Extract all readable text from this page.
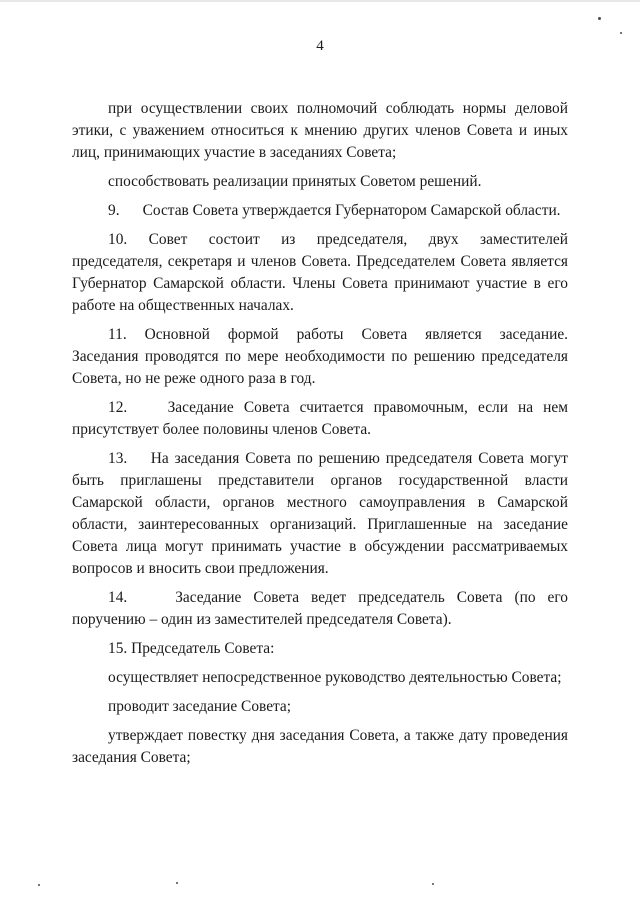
4
при осуществлении своих полномочий соблюдать нормы деловой
этики, с уважением относиться к мнению других членов Совета и иных
лиц, принимающих участие в заседаниях Совета;
способствовать реализации принятых Советом решений.
9.      Состав Совета утверждается Губернатором Самарской области.
10.    Совет    состоит    из    председателя,    двух    заместителей
председателя, секретаря и членов Совета. Председателем Совета является
Губернатор Самарской области. Члены Совета принимают участие в его
работе на общественных началах.
11.    Основной    формой    работы    Совета    является    заседание.
Заседания проводятся по мере необходимости по решению председателя
Совета, но не реже одного раза в год.
12.    Заседание Совета считается правомочным, если на нем
присутствует более половины членов Совета.
13.    На заседания Совета по решению председателя Совета могут
быть приглашены представители органов государственной власти
Самарской области, органов местного самоуправления в Самарской
области, заинтересованных организаций. Приглашенные на заседание
Совета лица могут принимать участие в обсуждении рассматриваемых
вопросов и вносить свои предложения.
14.    Заседание Совета ведет председатель Совета (по его
поручению – один из заместителей председателя Совета).
15. Председатель Совета:
осуществляет непосредственное руководство деятельностью Совета;
проводит заседание Совета;
утверждает повестку дня заседания Совета, а также дату проведения
заседания Совета;
